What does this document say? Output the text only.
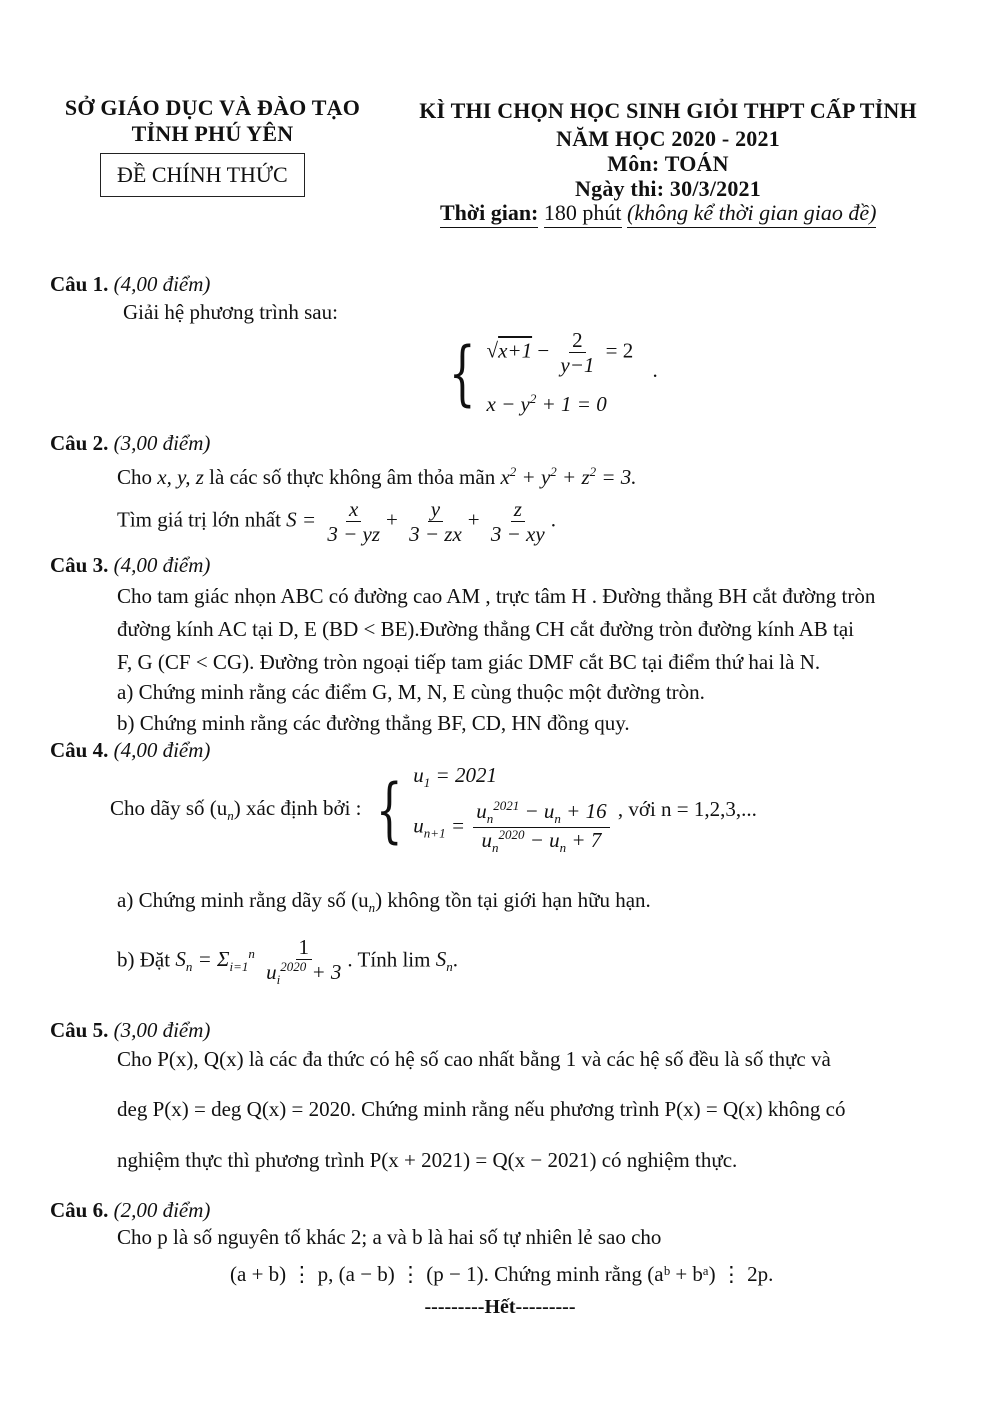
SỞ GIÁO DỤC VÀ ĐÀO TẠO
TỈNH PHÚ YÊN
ĐỀ CHÍNH THỨC
KÌ THI CHỌN HỌC SINH GIỎI THPT CẤP TỈNH
NĂM HỌC 2020 - 2021
Môn: TOÁN
Ngày thi: 30/3/2021
Thời gian: 180 phút (không kể thời gian giao đề)
Câu 1. (4,00 điểm)
Giải hệ phương trình sau:
{ $√x+1 - \frac{2}{y-1} = 2$
$x - y^2 + 1 = 0$
.
Câu 2. (3,00 điểm)
Cho x, y, z là các số thực không âm thỏa mãn $x^2 + y^2 + z^2 = 3$.
Tìm giá trị lớn nhất $S = \frac{x}{3 - yz} + \frac{y}{3 - zx} + \frac{z}{3 - xy}$ .
Câu 3. (4,00 điểm)
Cho tam giác nhọn ABC có đường cao AM , trực tâm H . Đường thẳng BH cắt đường tròn
đường kính AC tại D, E (BD < BE).Đường thẳng CH cắt đường tròn đường kính AB tại
F, G (CF < CG). Đường tròn ngoại tiếp tam giác DMF cắt BC tại điểm thứ hai là N.
a) Chứng minh rằng các điểm G, M, N, E cùng thuộc một đường tròn.
b) Chứng minh rằng các đường thẳng BF, CD, HN đồng quy.
Câu 4. (4,00 điểm)
Cho dãy số $(u_n)$ xác định bởi : { $u_1 = 2021$
$u_{n+1} = \frac{u_n^{2021} - u_n + 16}{u_n^{2020} - u_n + 7}$ , với n = 1,2,3,...
a) Chứng minh rằng dãy số $(u_n)$ không tồn tại giới hạn hữu hạn.
b) Đặt $S_n = \Sigma_{i=1}^n \frac{1}{u_i^{2020} + 3}$ . Tính $\lim S_n$.
Câu 5. (3,00 điểm)
Cho P(x), Q(x) là các đa thức có hệ số cao nhất bằng 1 và các hệ số đều là số thực và
deg P(x) = deg Q(x) = 2020. Chứng minh rằng nếu phương trình P(x) = Q(x) không có
nghiệm thực thì phương trình P(x + 2021) = Q(x − 2021) có nghiệm thực.
Câu 6. (2,00 điểm)
Cho p là số nguyên tố khác 2; a và b là hai số tự nhiên lẻ sao cho
(a + b) ⋮ p, (a − b) ⋮ (p − 1). Chứng minh rằng (aᵇ + bᵃ) ⋮ 2p.
---------Hết---------
